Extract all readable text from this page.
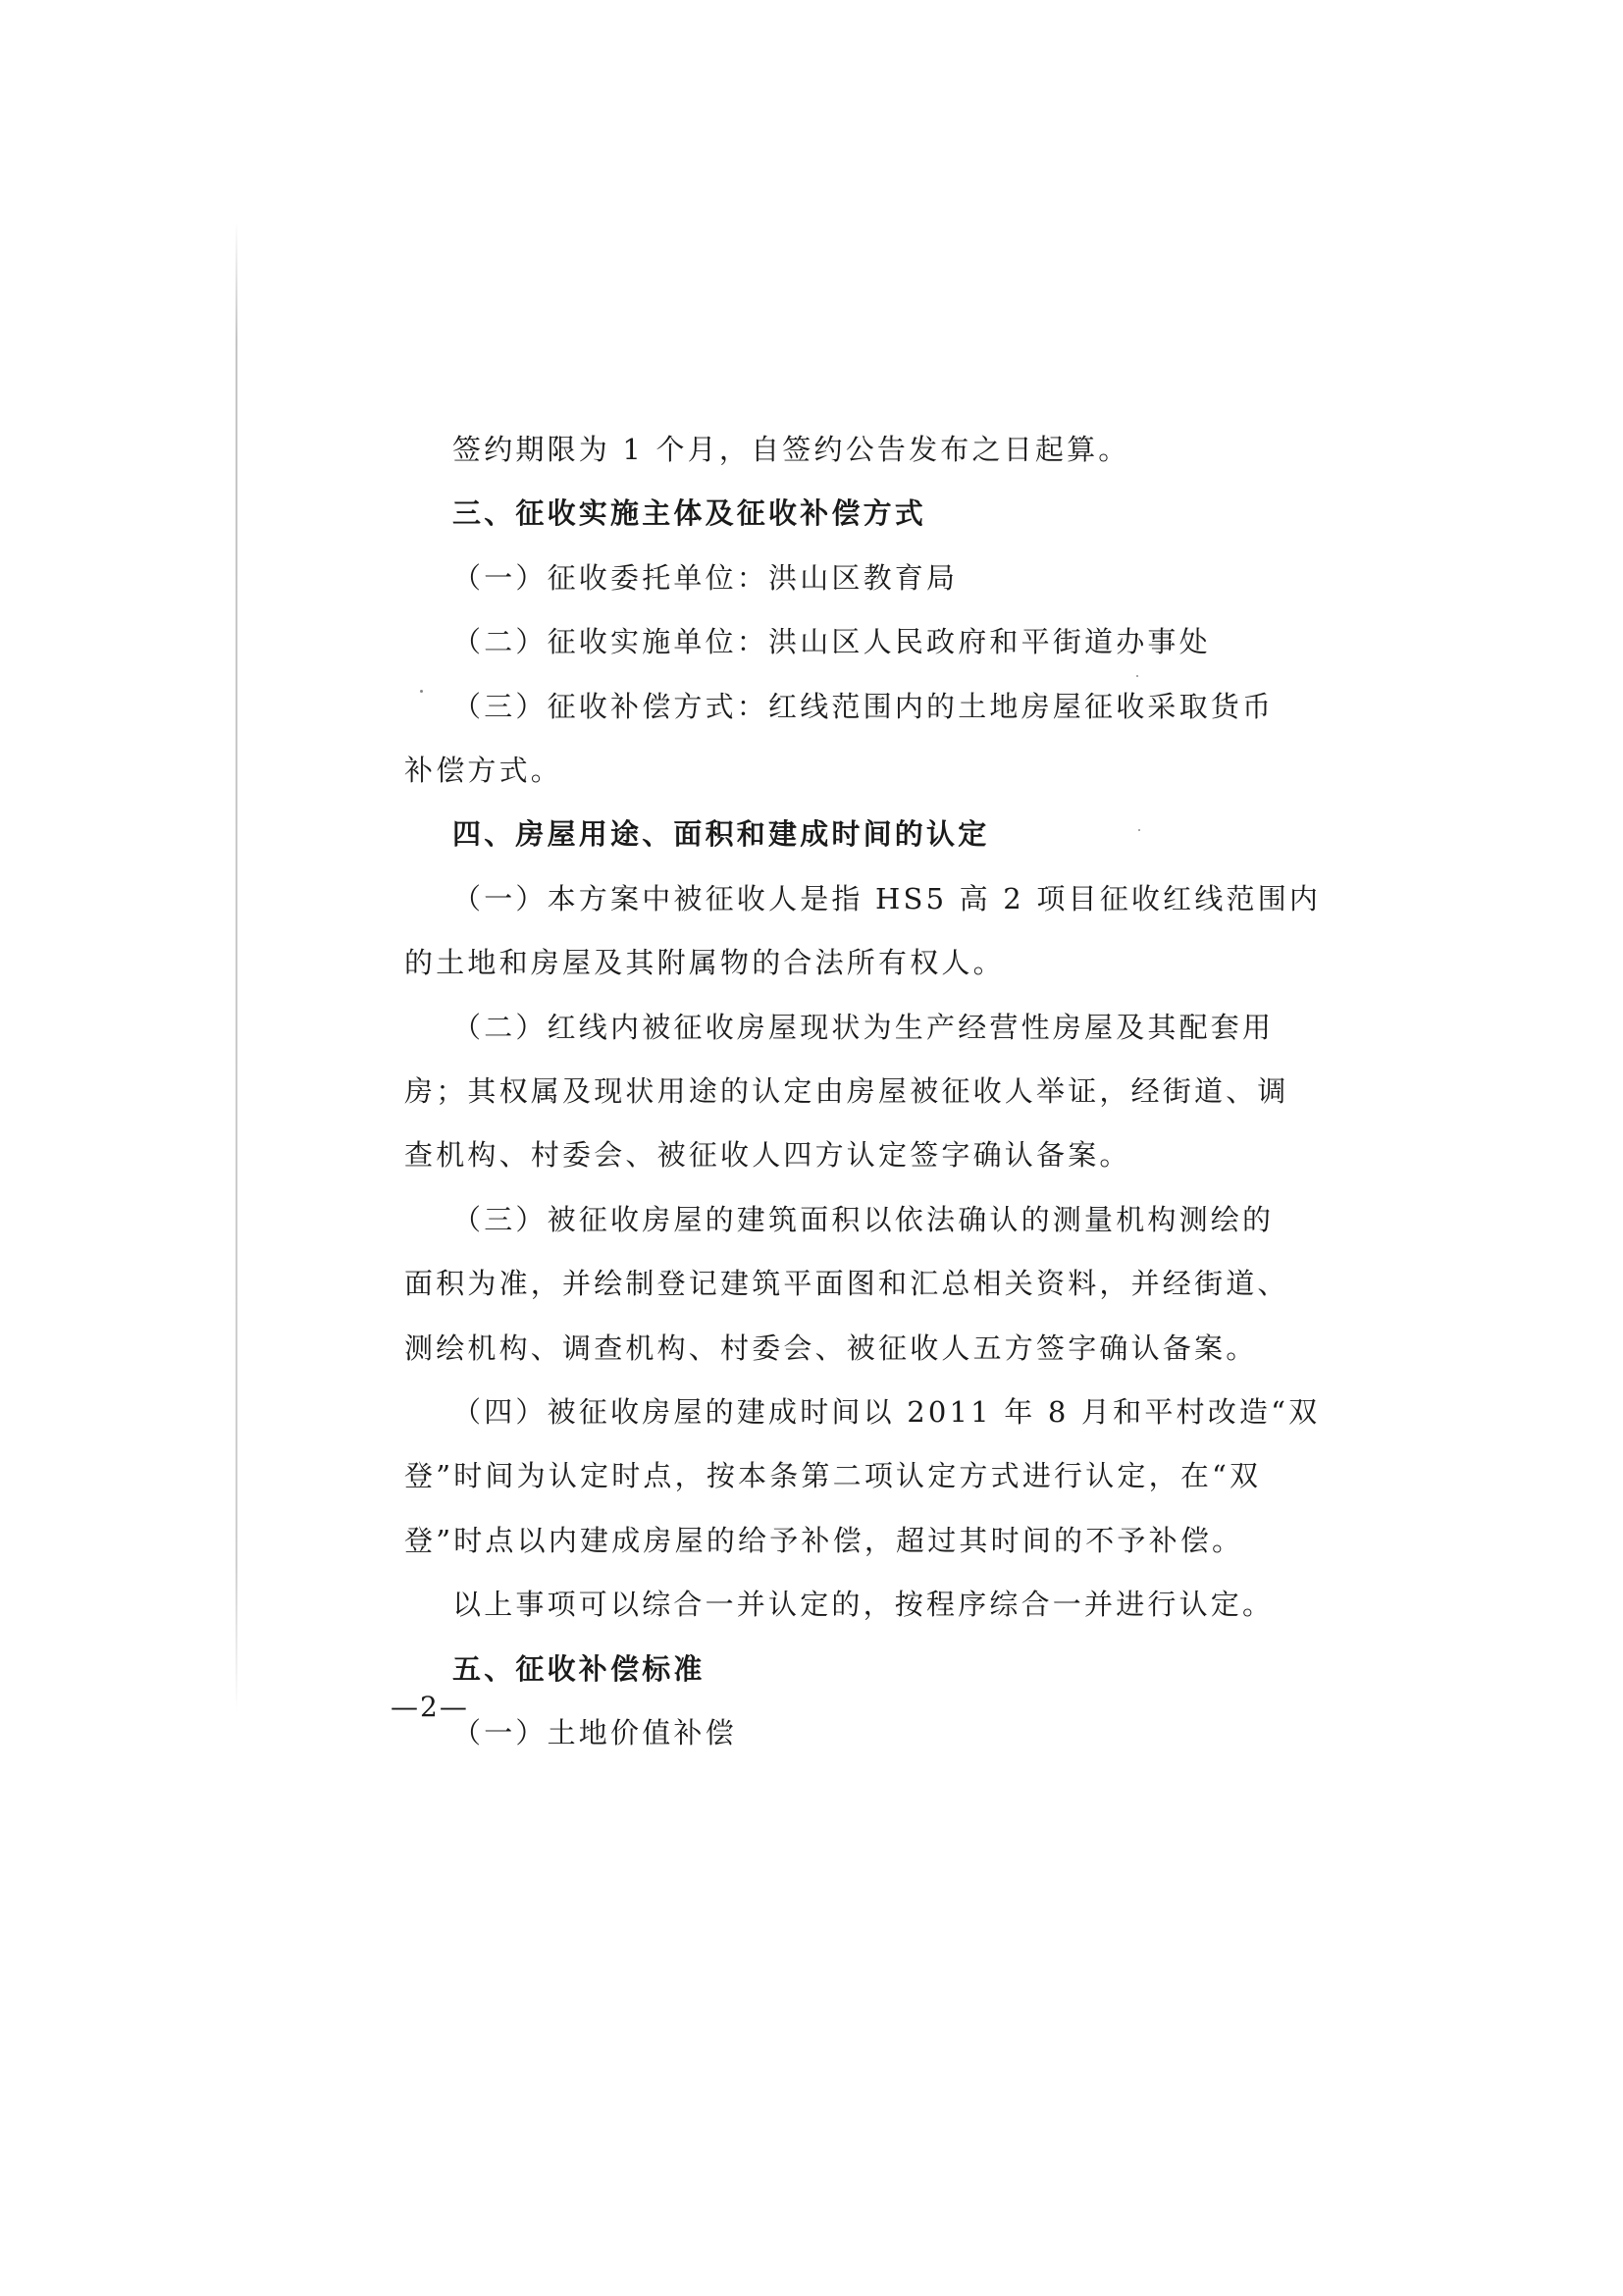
签约期限为 1 个月，自签约公告发布之日起算。
三、征收实施主体及征收补偿方式
（一）征收委托单位：洪山区教育局
（二）征收实施单位：洪山区人民政府和平街道办事处
（三）征收补偿方式：红线范围内的土地房屋征收采取货币
补偿方式。
四、房屋用途、面积和建成时间的认定
（一）本方案中被征收人是指 HS5 高 2 项目征收红线范围内
的土地和房屋及其附属物的合法所有权人。
（二）红线内被征收房屋现状为生产经营性房屋及其配套用
房；其权属及现状用途的认定由房屋被征收人举证，经街道、调
查机构、村委会、被征收人四方认定签字确认备案。
（三）被征收房屋的建筑面积以依法确认的测量机构测绘的
面积为准，并绘制登记建筑平面图和汇总相关资料，并经街道、
测绘机构、调查机构、村委会、被征收人五方签字确认备案。
（四）被征收房屋的建成时间以 2011 年 8 月和平村改造“双
登”时间为认定时点，按本条第二项认定方式进行认定，在“双
登”时点以内建成房屋的给予补偿，超过其时间的不予补偿。
以上事项可以综合一并认定的，按程序综合一并进行认定。
五、征收补偿标准
（一）土地价值补偿
—2—
